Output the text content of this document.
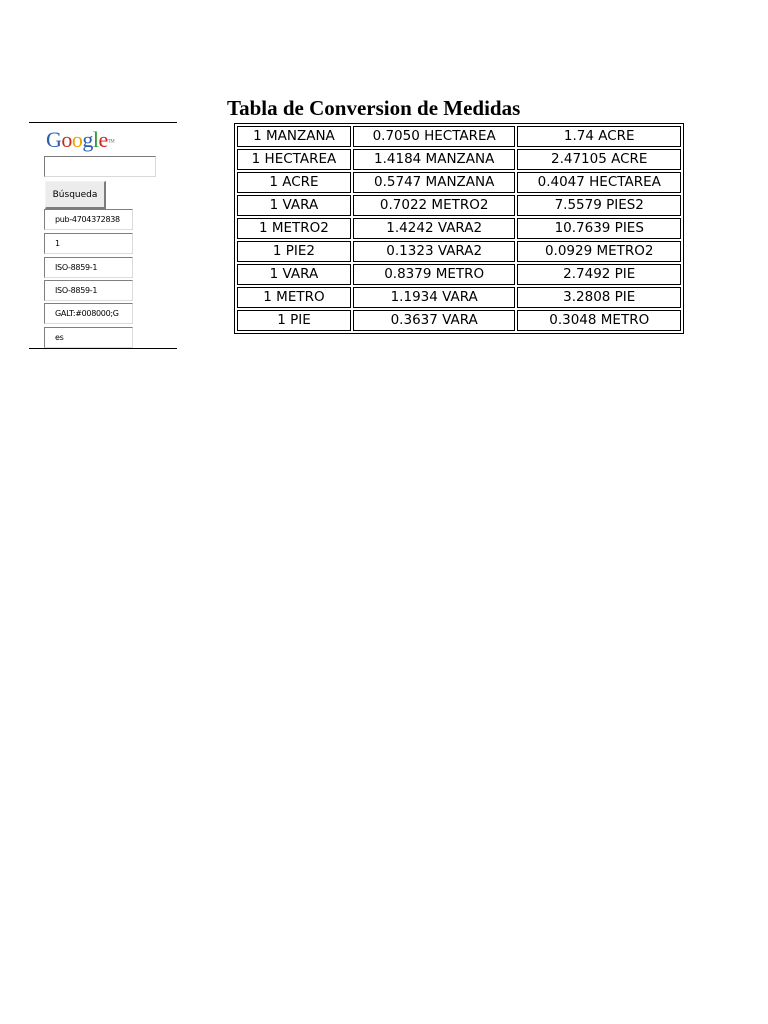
Google™
Búsqueda
pub-4704372838
1
ISO-8859-1
ISO-8859-1
GALT:#008000;G
es
Tabla de Conversion de Medidas
1 MANZANA	0.7050 HECTAREA	1.74 ACRE
1 HECTAREA	1.4184 MANZANA	2.47105 ACRE
1 ACRE	0.5747 MANZANA	0.4047 HECTAREA
1 VARA	0.7022 METRO2	7.5579 PIES2
1 METRO2	1.4242 VARA2	10.7639 PIES
1 PIE2	0.1323 VARA2	0.0929 METRO2
1 VARA	0.8379 METRO	2.7492 PIE
1 METRO	1.1934 VARA	3.2808 PIE
1 PIE	0.3637 VARA	0.3048 METRO
